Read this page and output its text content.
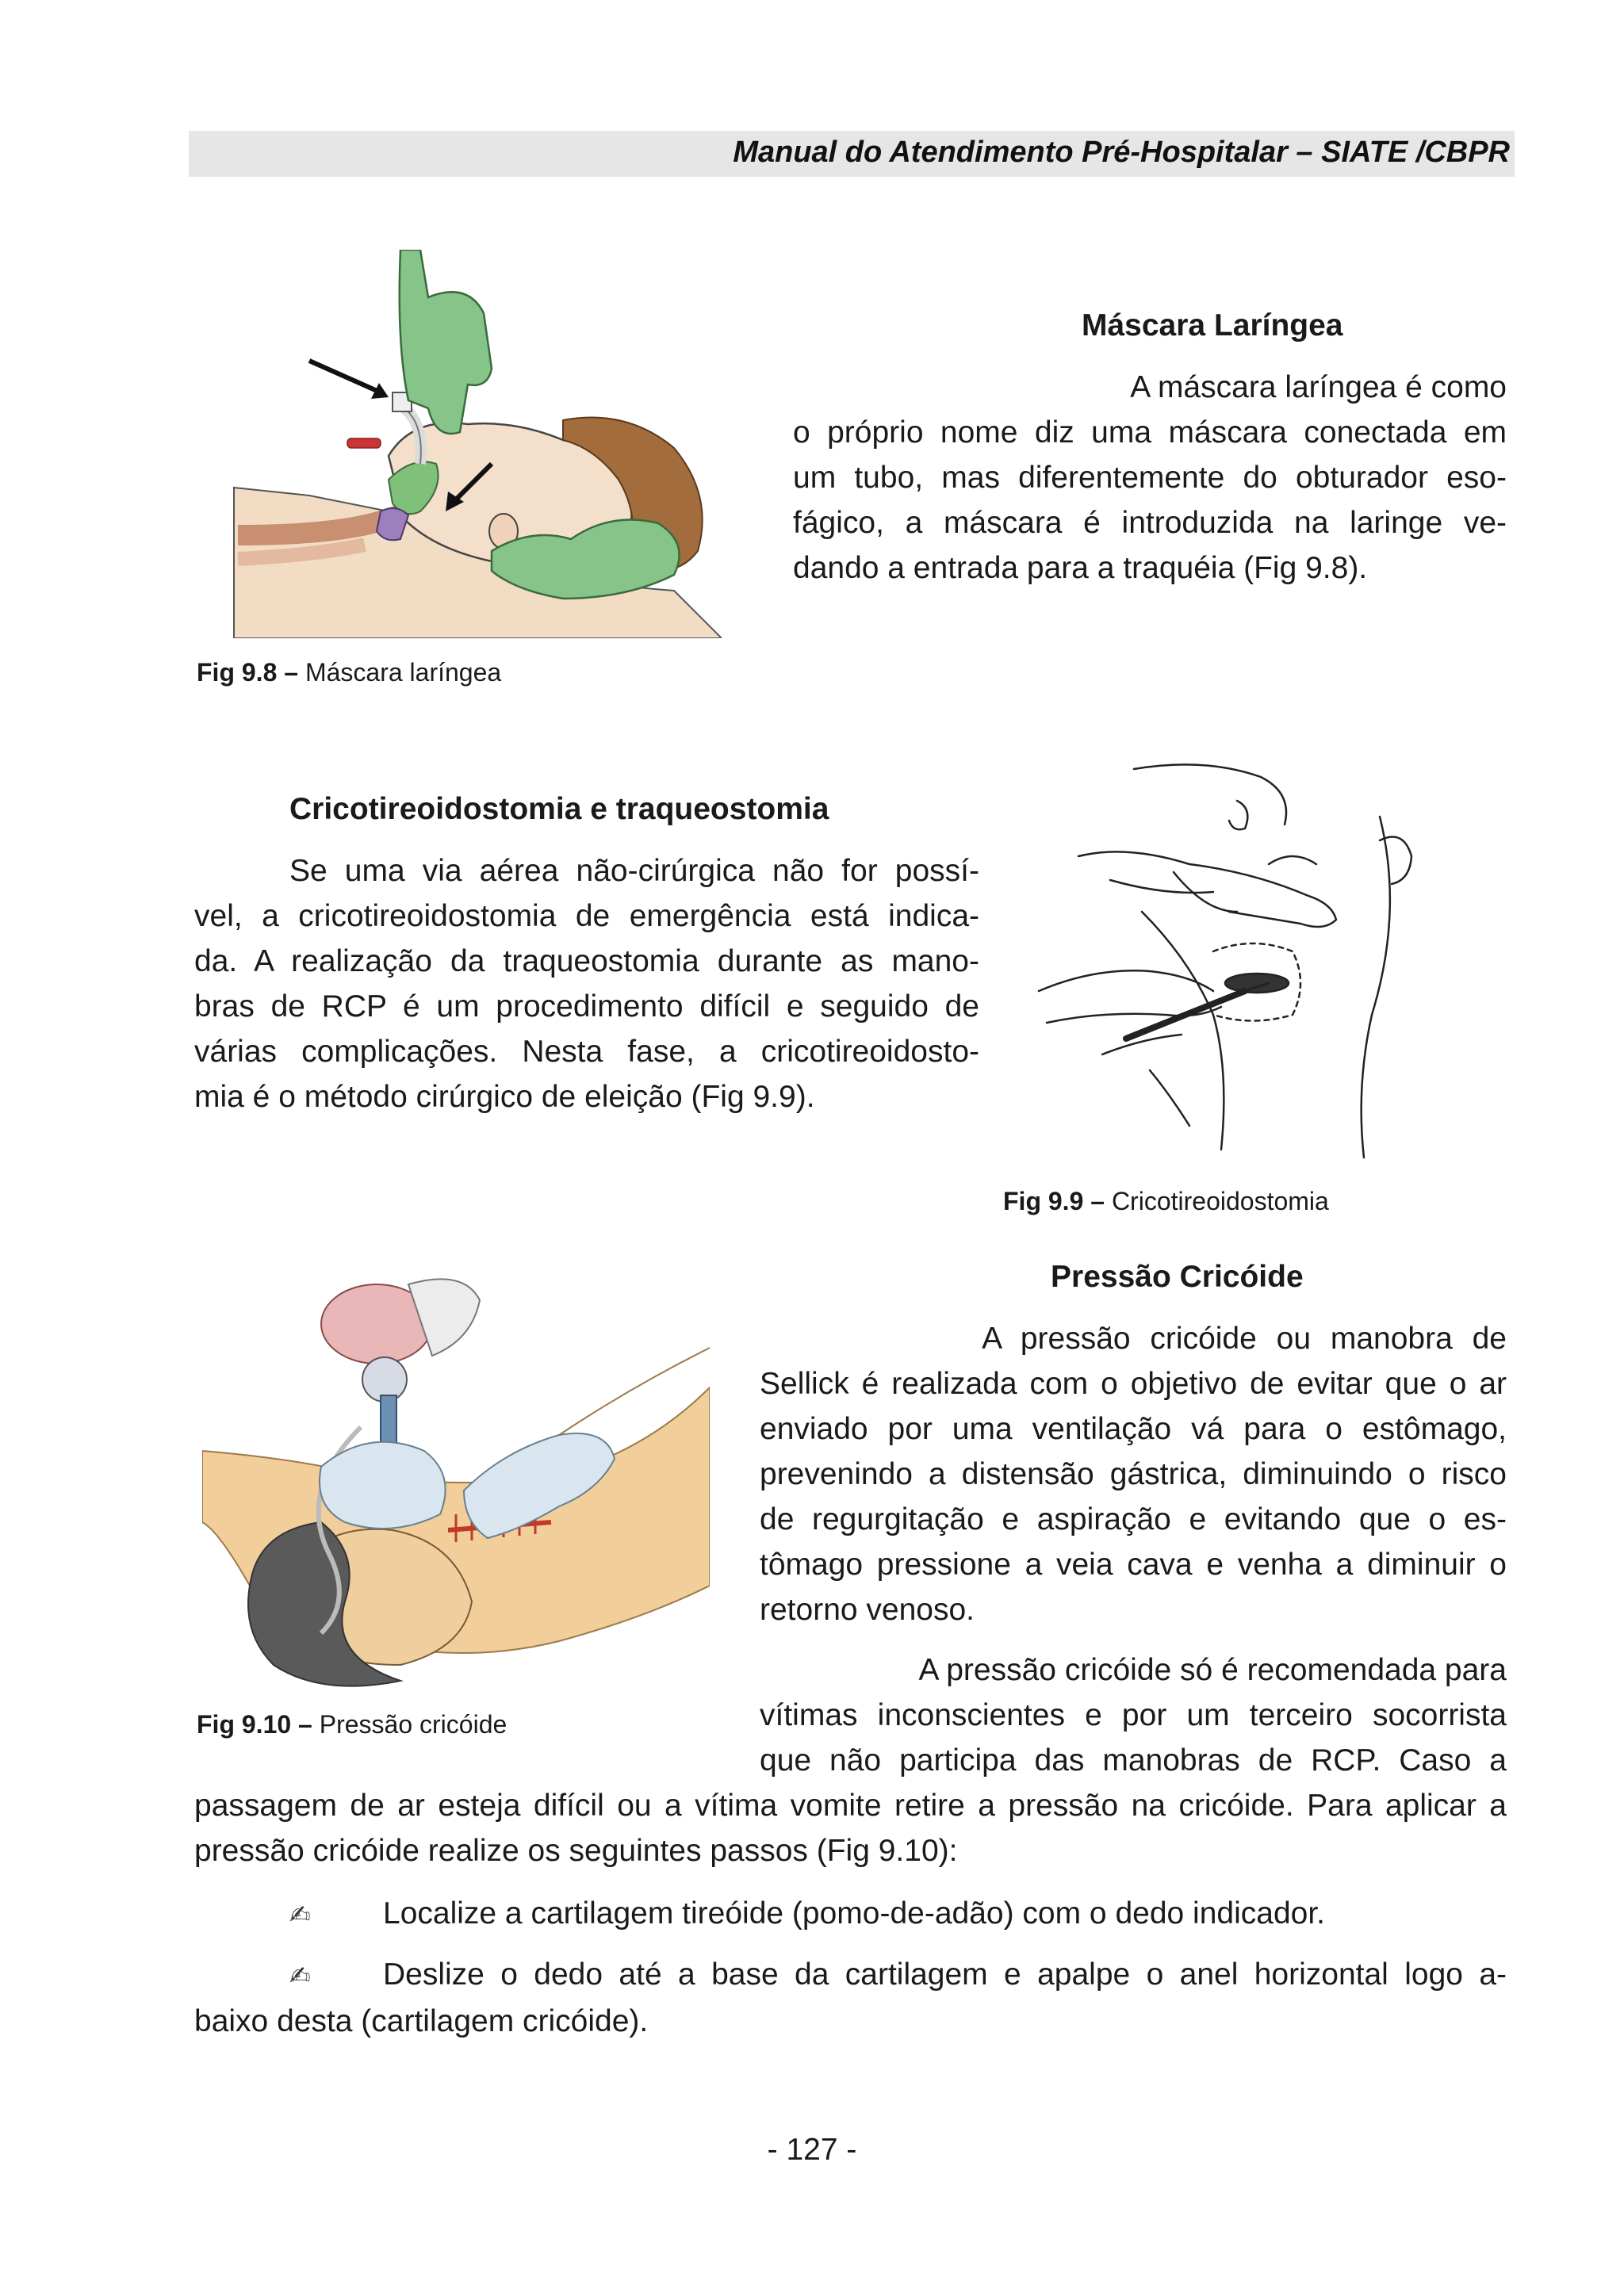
Manual do Atendimento Pré-Hospitalar – SIATE /CBPR
Máscara Laríngea
A máscara laríngea é como
o próprio nome diz uma máscara conectada em
um tubo, mas diferentemente do obturador eso-
fágico, a máscara é introduzida na laringe ve-
dando a entrada para a traquéia (Fig 9.8).
Fig 9.8 – Máscara laríngea
Cricotireoidostomia e traqueostomia
Se uma via aérea não-cirúrgica não for possí-
vel, a cricotireoidostomia de emergência está indica-
da. A realização da traqueostomia durante as mano-
bras de RCP é um procedimento difícil e seguido de
várias complicações. Nesta fase, a cricotireoidosto-
mia é o método cirúrgico de eleição (Fig 9.9).
Fig 9.9 – Cricotireoidostomia
Pressão Cricóide
A pressão cricóide ou manobra de
Sellick é realizada com o objetivo de evitar que o ar
enviado por uma ventilação vá para o estômago,
prevenindo a distensão gástrica, diminuindo o risco
de regurgitação e aspiração e evitando que o es-
tômago pressione a veia cava e venha a diminuir o
retorno venoso.
A pressão cricóide só é recomendada para
vítimas inconscientes e por um terceiro socorrista
que não participa das manobras de RCP. Caso a
Fig 9.10 – Pressão cricóide
passagem de ar esteja difícil ou a vítima vomite retire a pressão na cricóide. Para aplicar a
pressão cricóide realize os seguintes passos (Fig 9.10):
✍ Localize a cartilagem tireóide (pomo-de-adão) com o dedo indicador.
✍ Deslize o dedo até a base da cartilagem e apalpe o anel horizontal logo a-
baixo desta (cartilagem cricóide).
- 127 -
